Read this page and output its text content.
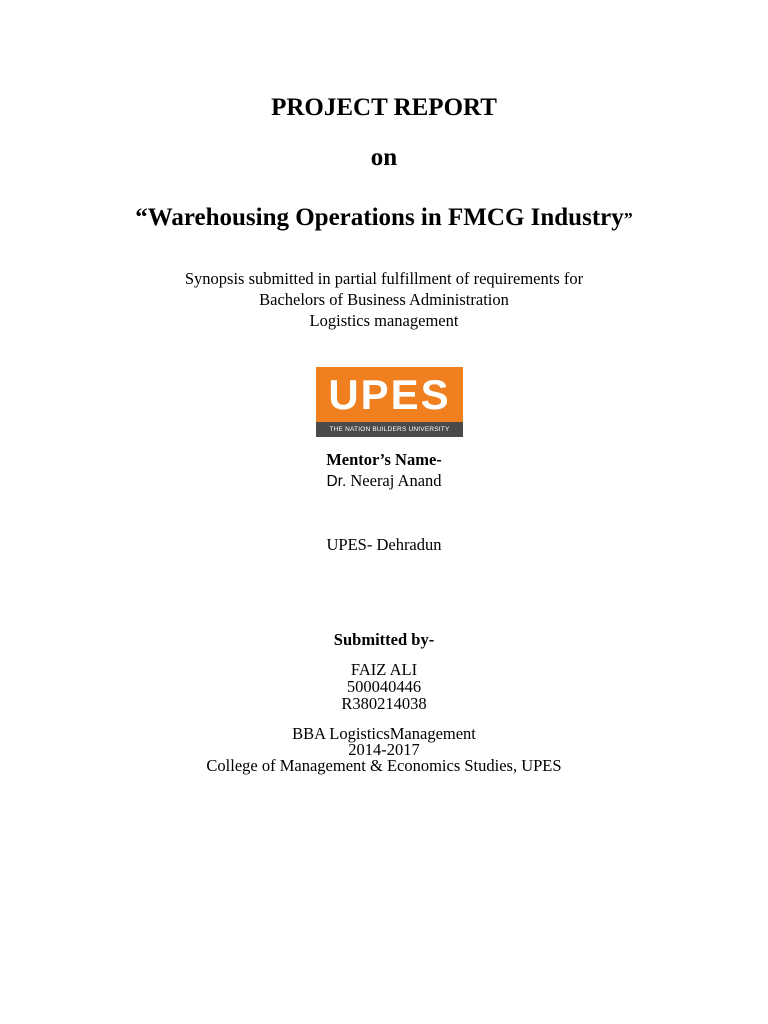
PROJECT REPORT
on
“Warehousing Operations in FMCG Industry”
Synopsis submitted in partial fulfillment of requirements for
Bachelors of Business Administration
Logistics management
UPES
THE NATION BUILDERS UNIVERSITY
Mentor’s Name-
Dr. Neeraj Anand
UPES- Dehradun
Submitted by-
FAIZ ALI
500040446
R380214038
BBA LogisticsManagement
2014-2017
College of Management & Economics Studies, UPES
